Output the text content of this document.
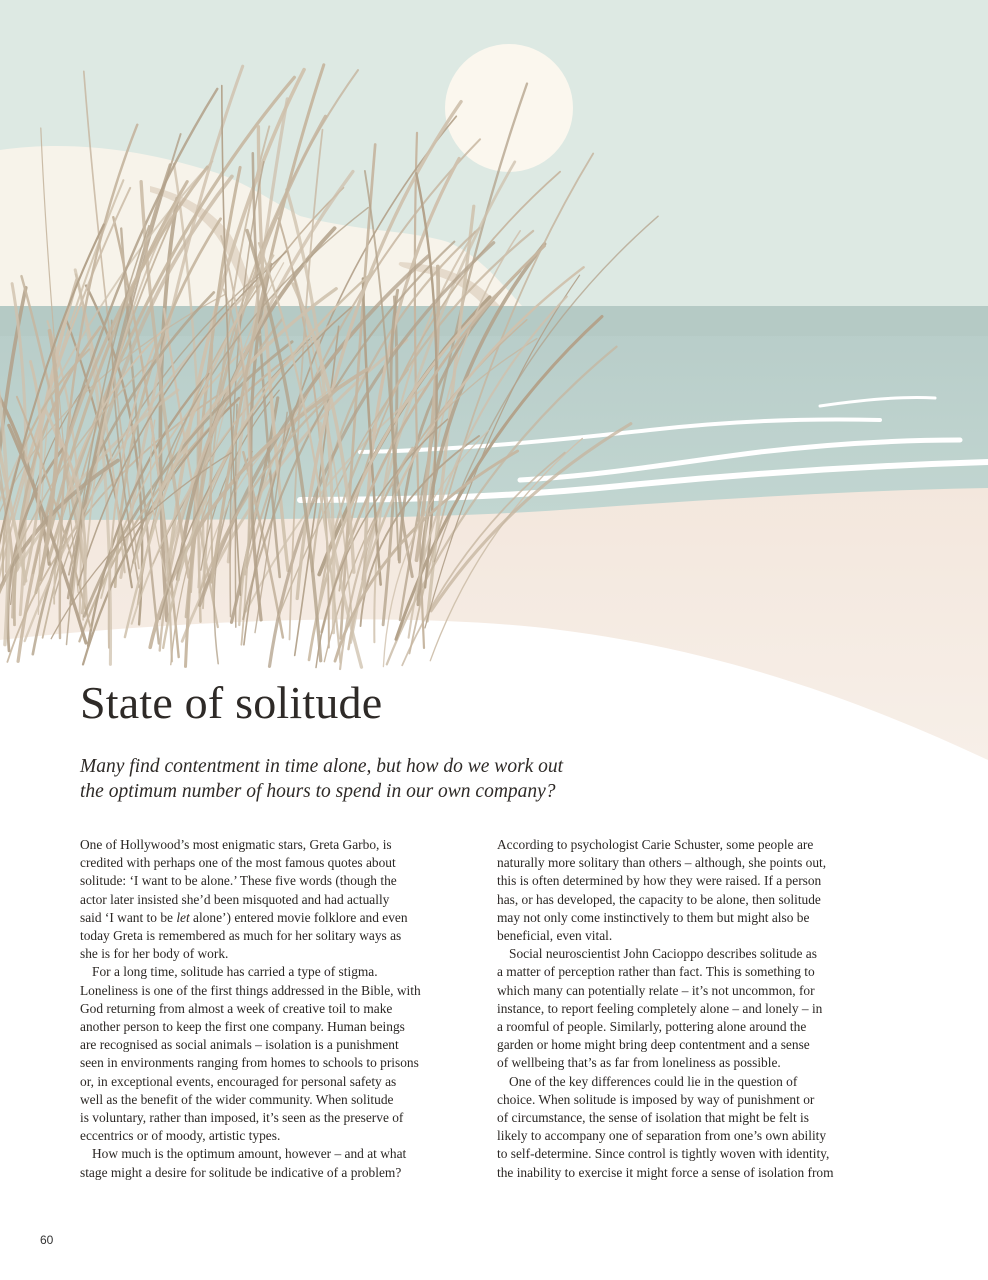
State of solitude

Many find contentment in time alone, but how do we work out
the optimum number of hours to spend in our own company?

One of Hollywood’s most enigmatic stars, Greta Garbo, is

credited with perhaps one of the most famous quotes about

solitude: ‘I want to be alone.’ These five words (though the

actor later insisted she’d been misquoted and had actually

said ‘I want to be let alone’) entered movie folklore and even

today Greta is remembered as much for her solitary ways as

she is for her body of work.

For a long time, solitude has carried a type of stigma.

Loneliness is one of the first things addressed in the Bible, with

God returning from almost a week of creative toil to make

another person to keep the first one company. Human beings

are recognised as social animals – isolation is a punishment

seen in environments ranging from homes to schools to prisons

or, in exceptional events, encouraged for personal safety as

well as the benefit of the wider community. When solitude

is voluntary, rather than imposed, it’s seen as the preserve of

eccentrics or of moody, artistic types.

How much is the optimum amount, however – and at what

stage might a desire for solitude be indicative of a problem?

According to psychologist Carie Schuster, some people are

naturally more solitary than others – although, she points out,

this is often determined by how they were raised. If a person

has, or has developed, the capacity to be alone, then solitude

may not only come instinctively to them but might also be

beneficial, even vital.

Social neuroscientist John Cacioppo describes solitude as

a matter of perception rather than fact. This is something to

which many can potentially relate – it’s not uncommon, for

instance, to report feeling completely alone – and lonely – in

a roomful of people. Similarly, pottering alone around the

garden or home might bring deep contentment and a sense

of wellbeing that’s as far from loneliness as possible.

One of the key differences could lie in the question of

choice. When solitude is imposed by way of punishment or

of circumstance, the sense of isolation that might be felt is

likely to accompany one of separation from one’s own ability

to self-determine. Since control is tightly woven with identity,

the inability to exercise it might force a sense of isolation from

60
